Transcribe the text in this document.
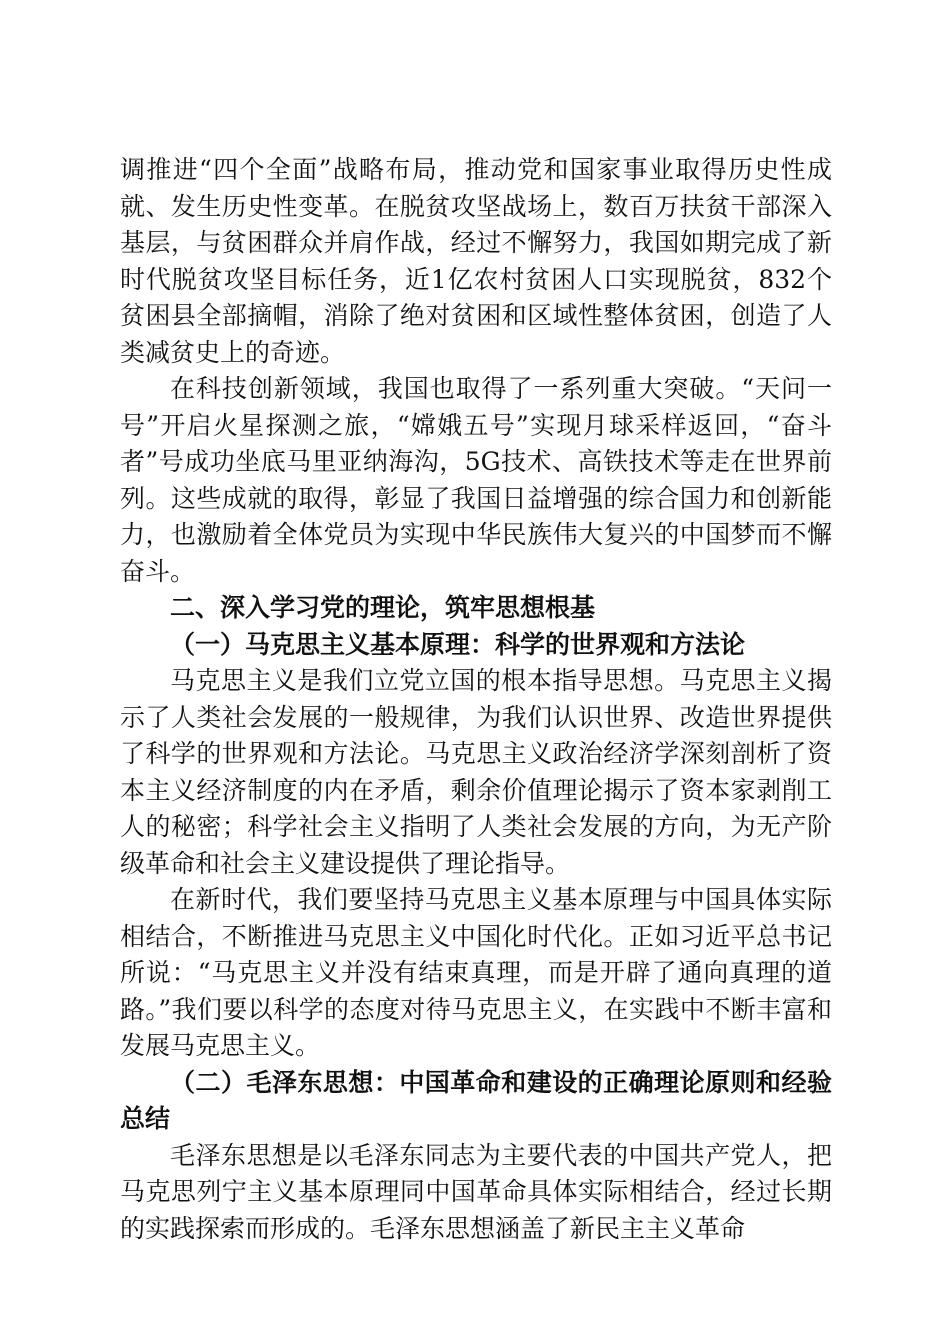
调推进“四个全面”战略布局，推动党和国家事业取得历史性成就、发生历史性变革。在脱贫攻坚战场上，数百万扶贫干部深入基层，与贫困群众并肩作战，经过不懈努力，我国如期完成了新时代脱贫攻坚目标任务，近1亿农村贫困人口实现脱贫，832个贫困县全部摘帽，消除了绝对贫困和区域性整体贫困，创造了人类减贫史上的奇迹。

在科技创新领域，我国也取得了一系列重大突破。“天问一号”开启火星探测之旅，“嫦娥五号”实现月球采样返回，“奋斗者”号成功坐底马里亚纳海沟，5G技术、高铁技术等走在世界前列。这些成就的取得，彰显了我国日益增强的综合国力和创新能力，也激励着全体党员为实现中华民族伟大复兴的中国梦而不懈奋斗。

二、深入学习党的理论，筑牢思想根基

（一）马克思主义基本原理：科学的世界观和方法论

马克思主义是我们立党立国的根本指导思想。马克思主义揭示了人类社会发展的一般规律，为我们认识世界、改造世界提供了科学的世界观和方法论。马克思主义政治经济学深刻剖析了资本主义经济制度的内在矛盾，剩余价值理论揭示了资本家剥削工人的秘密；科学社会主义指明了人类社会发展的方向，为无产阶级革命和社会主义建设提供了理论指导。

在新时代，我们要坚持马克思主义基本原理与中国具体实际相结合，不断推进马克思主义中国化时代化。正如习近平总书记所说：“马克思主义并没有结束真理，而是开辟了通向真理的道路。”我们要以科学的态度对待马克思主义，在实践中不断丰富和发展马克思主义。

（二）毛泽东思想：中国革命和建设的正确理论原则和经验总结

毛泽东思想是以毛泽东同志为主要代表的中国共产党人，把马克思列宁主义基本原理同中国革命具体实际相结合，经过长期的实践探索而形成的。毛泽东思想涵盖了新民主主义革命
